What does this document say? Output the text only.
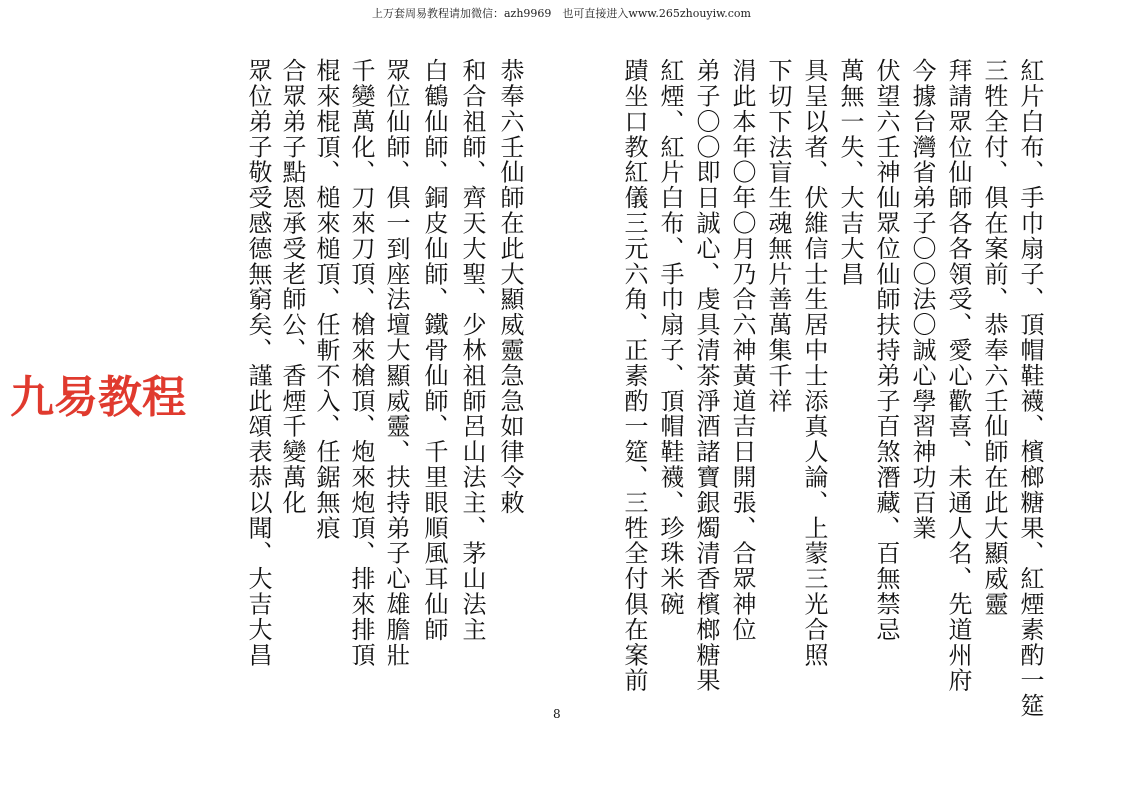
上万套周易教程请加微信：azh9969　也可直接进入www.265zhouyiw.com
九易教程	紅片白布、手巾扇子、頂帽鞋襪、檳榔糖果、紅煙素酌一筵
三牲全付、俱在案前、恭奉六壬仙師在此大顯威靈
拜請眾位仙師各各領受、愛心歡喜、未通人名、先道州府
今據台灣省弟子〇〇法〇誠心學習神功百業
伏望六壬神仙眾位仙師扶持弟子百煞潛藏、百無禁忌
萬無一失、大吉大昌
具呈以者、伏維信士生居中士添真人論、上蒙三光合照
下切下法盲生魂無片善萬集千祥
涓此本年〇年〇月乃合六神黃道吉日開張、合眾神位
弟子〇〇即日誠心、虔具清茶淨酒諸寶銀燭清香檳榔糖果
紅煙、紅片白布、手巾扇子、頂帽鞋襪、珍珠米碗
蹟坐口教紅儀三元六角、正素酌一筵、三牲全付俱在案前
8
恭奉六壬仙師在此大顯威靈急急如律令敕
和合祖師、齊天大聖、少林祖師呂山法主、茅山法主
白鶴仙師、銅皮仙師、鐵骨仙師、千里眼順風耳仙師
眾位仙師、俱一到座法壇大顯威靈、扶持弟子心雄膽壯
千變萬化、刀來刀頂、槍來槍頂、炮來炮頂、排來排頂
棍來棍頂、槌來槌頂、任斬不入、任鋸無痕
合眾弟子點恩承受老師公、香煙千變萬化
眾位弟子敬受感德無窮矣、謹此頌表恭以聞、大吉大昌
